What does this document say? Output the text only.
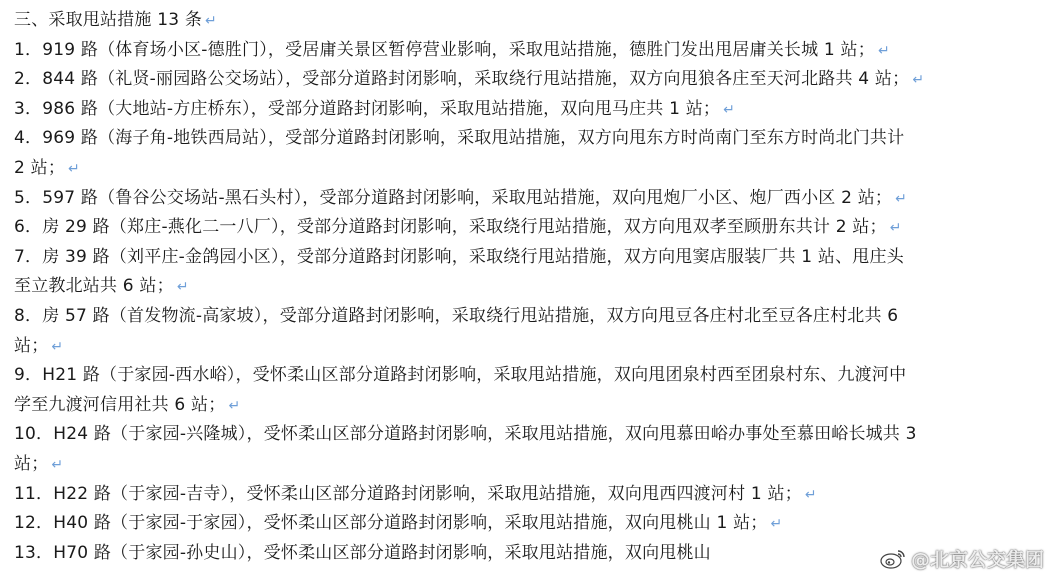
三、采取甩站措施 13 条 ↵
1．919 路（体育场小区-德胜门），受居庸关景区暂停营业影响，采取甩站措施，德胜门发出甩居庸关长城 1 站； ↵
2．844 路（礼贤-丽园路公交场站），受部分道路封闭影响，采取绕行甩站措施，双方向甩狼各庄至天河北路共 4 站； ↵
3．986 路（大地站-方庄桥东），受部分道路封闭影响，采取甩站措施，双向甩马庄共 1 站； ↵
4．969 路（海子角-地铁西局站），受部分道路封闭影响，采取甩站措施，双方向甩东方时尚南门至东方时尚北门共计
2 站； ↵
5．597 路（鲁谷公交场站-黑石头村），受部分道路封闭影响，采取甩站措施，双向甩炮厂小区、炮厂西小区 2 站； ↵
6．房 29 路（郑庄-燕化二一八厂），受部分道路封闭影响，采取绕行甩站措施，双方向甩双孝至顾册东共计 2 站； ↵
7．房 39 路（刘平庄-金鸽园小区），受部分道路封闭影响，采取绕行甩站措施，双方向甩窦店服装厂共 1 站、甩庄头
至立教北站共 6 站； ↵
8．房 57 路（首发物流-高家坡），受部分道路封闭影响，采取绕行甩站措施，双方向甩豆各庄村北至豆各庄村北共 6
站； ↵
9．H21 路（于家园-西水峪），受怀柔山区部分道路封闭影响，采取甩站措施，双向甩团泉村西至团泉村东、九渡河中
学至九渡河信用社共 6 站； ↵
10．H24 路（于家园-兴隆城），受怀柔山区部分道路封闭影响，采取甩站措施，双向甩慕田峪办事处至慕田峪长城共 3
站； ↵
11．H22 路（于家园-吉寺），受怀柔山区部分道路封闭影响，采取甩站措施，双向甩西四渡河村 1 站； ↵
12．H40 路（于家园-于家园），受怀柔山区部分道路封闭影响，采取甩站措施，双向甩桃山 1 站； ↵
13．H70 路（于家园-孙史山），受怀柔山区部分道路封闭影响，采取甩站措施，双向甩桃山	@北京公交集团
